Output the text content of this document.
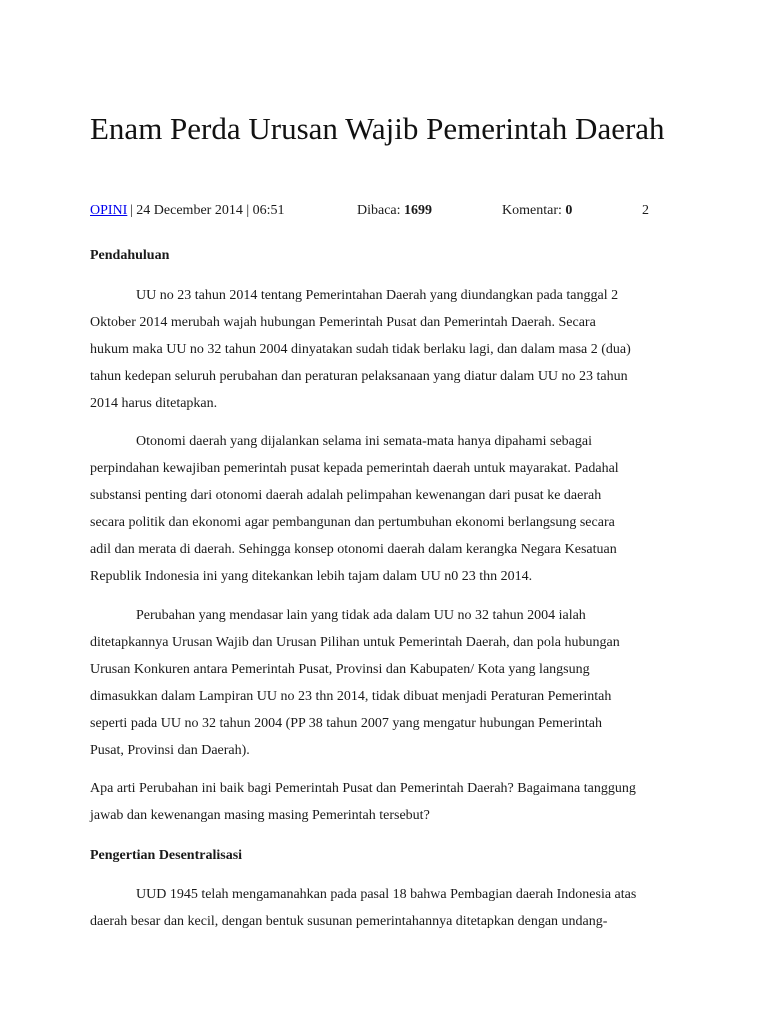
Enam Perda Urusan Wajib Pemerintah Daerah
OPINI | 24 December 2014 | 06:51	Dibaca: 1699	Komentar: 0	2
Pendahuluan

UU no 23 tahun 2014 tentang Pemerintahan Daerah yang diundangkan pada tanggal 2
Oktober 2014 merubah wajah hubungan Pemerintah Pusat dan Pemerintah Daerah. Secara
hukum maka UU no 32 tahun 2004 dinyatakan sudah tidak berlaku lagi, dan dalam masa 2 (dua)
tahun kedepan seluruh perubahan dan peraturan pelaksanaan yang diatur dalam UU no 23 tahun
2014 harus ditetapkan.

Otonomi daerah yang dijalankan selama ini semata-mata hanya dipahami sebagai
perpindahan kewajiban pemerintah pusat kepada pemerintah daerah untuk mayarakat. Padahal
substansi penting dari otonomi daerah adalah pelimpahan kewenangan dari pusat ke daerah
secara politik dan ekonomi agar pembangunan dan pertumbuhan ekonomi berlangsung secara
adil dan merata di daerah. Sehingga konsep otonomi daerah dalam kerangka Negara Kesatuan
Republik Indonesia ini yang ditekankan lebih tajam dalam UU n0 23 thn 2014.

Perubahan yang mendasar lain yang tidak ada dalam UU no 32 tahun 2004 ialah
ditetapkannya Urusan Wajib dan Urusan Pilihan untuk Pemerintah Daerah, dan pola hubungan
Urusan Konkuren antara Pemerintah Pusat, Provinsi dan Kabupaten/ Kota yang langsung
dimasukkan dalam Lampiran UU no 23 thn 2014, tidak dibuat menjadi Peraturan Pemerintah
seperti pada UU no 32 tahun 2004 (PP 38 tahun 2007 yang mengatur hubungan Pemerintah
Pusat, Provinsi dan Daerah).

Apa arti Perubahan ini baik bagi Pemerintah Pusat dan Pemerintah Daerah? Bagaimana tanggung
jawab dan kewenangan masing masing Pemerintah tersebut?

Pengertian Desentralisasi

UUD 1945 telah mengamanahkan pada pasal 18 bahwa Pembagian daerah Indonesia atas
daerah besar dan kecil, dengan bentuk susunan pemerintahannya ditetapkan dengan undang-
